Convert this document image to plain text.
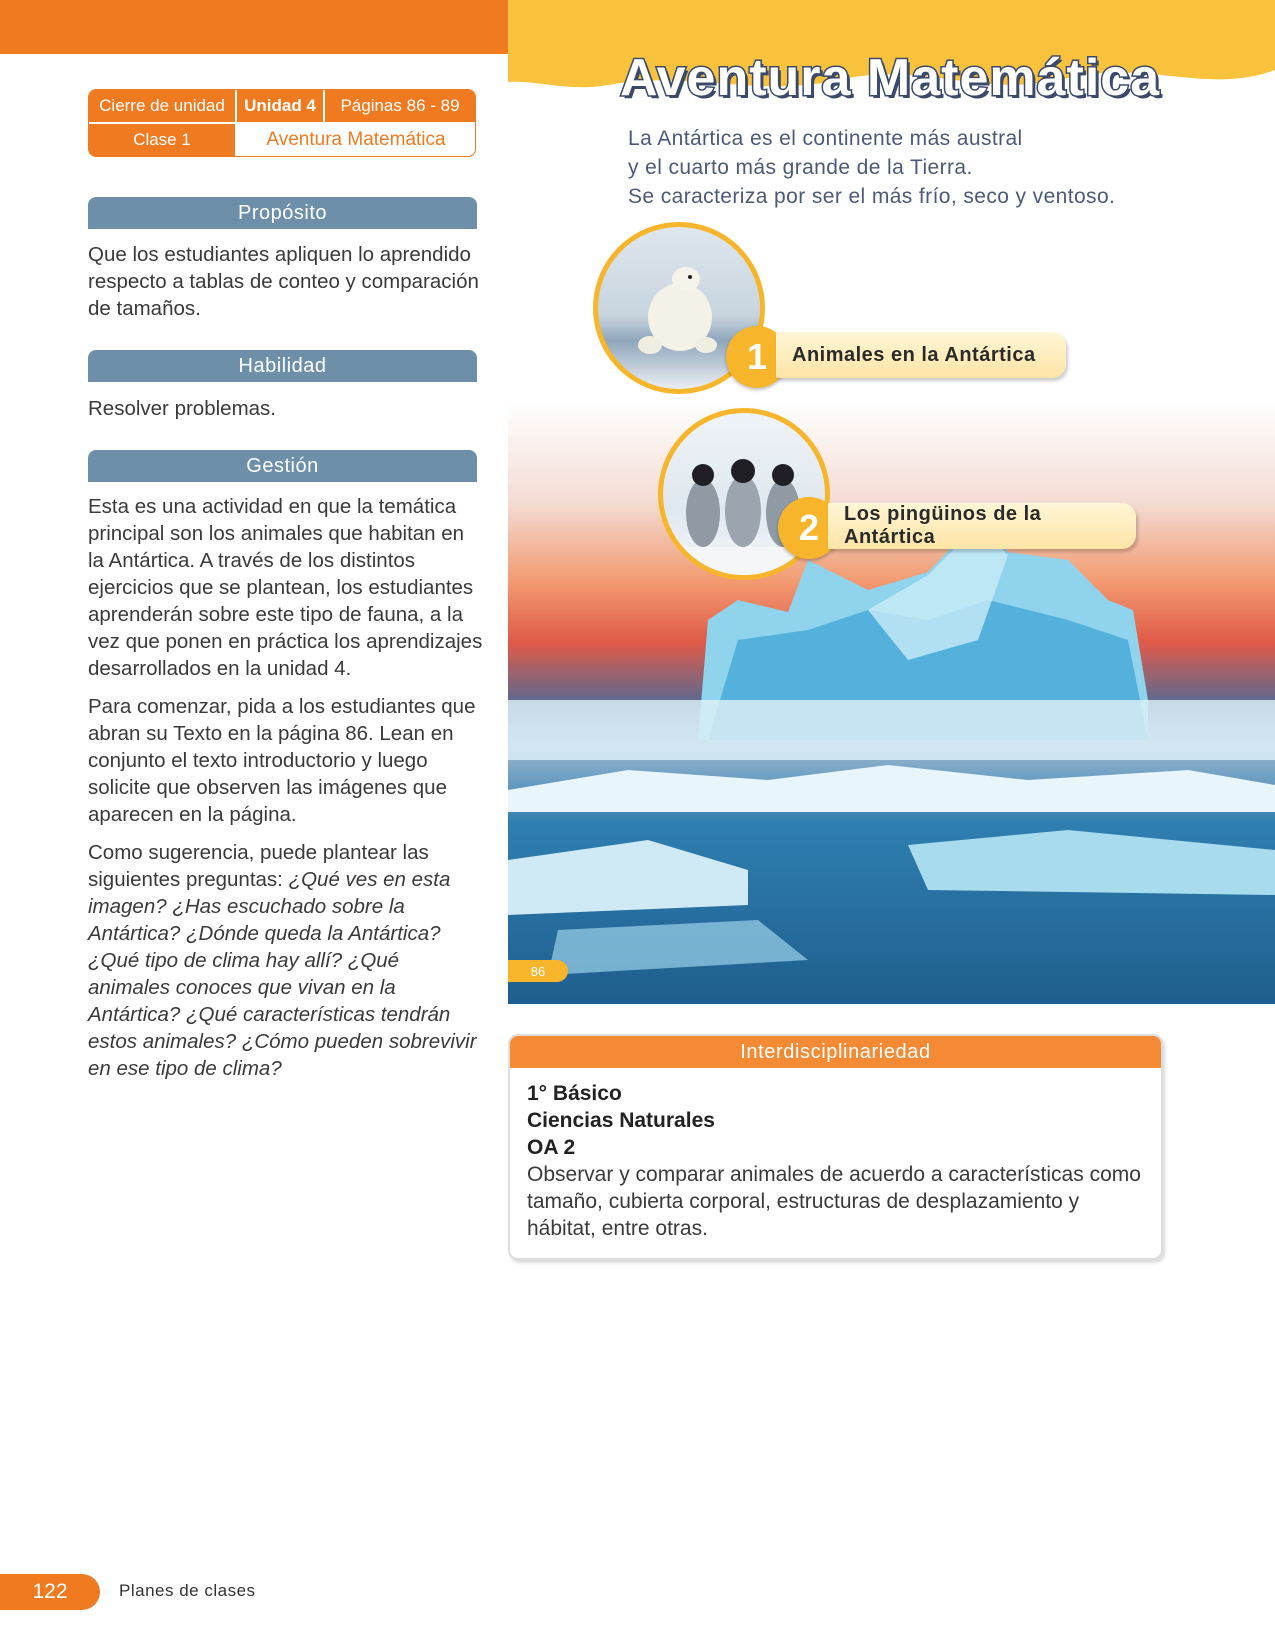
Cierre de unidad	Unidad 4	Páginas 86 - 89
Clase 1	Aventura Matemática
Propósito

Que los estudiantes apliquen lo aprendido respecto a tablas de conteo y comparación de tamaños.

Habilidad

Resolver problemas.

Gestión

Esta es una actividad en que la temática principal son los animales que habitan en la Antártica. A través de los distintos ejercicios que se plantean, los estudiantes aprenderán sobre este tipo de fauna, a la vez que ponen en práctica los aprendizajes desarrollados en la unidad 4.

Para comenzar, pida a los estudiantes que abran su Texto en la página 86. Lean en conjunto el texto introductorio y luego solicite que observen las imágenes que aparecen en la página.

Como sugerencia, puede plantear las siguientes preguntas: ¿Qué ves en esta imagen? ¿Has escuchado sobre la Antártica? ¿Dónde queda la Antártica? ¿Qué tipo de clima hay allí? ¿Qué animales conoces que vivan en la Antártica? ¿Qué características tendrán estos animales? ¿Cómo pueden sobrevivir en ese tipo de clima?

1	Animales en la Antártica
2	Los pingüinos de la Antártica
Aventura Matemática
La Antártica es el continente más austral
y el cuarto más grande de la Tierra.
Se caracteriza por ser el más frío, seco y ventoso.
86
Interdisciplinariedad
1° Básico
Ciencias Naturales
OA 2
Observar y comparar animales de acuerdo a características como tamaño, cubierta corporal, estructuras de desplazamiento y hábitat, entre otras.
122	Planes de clases
